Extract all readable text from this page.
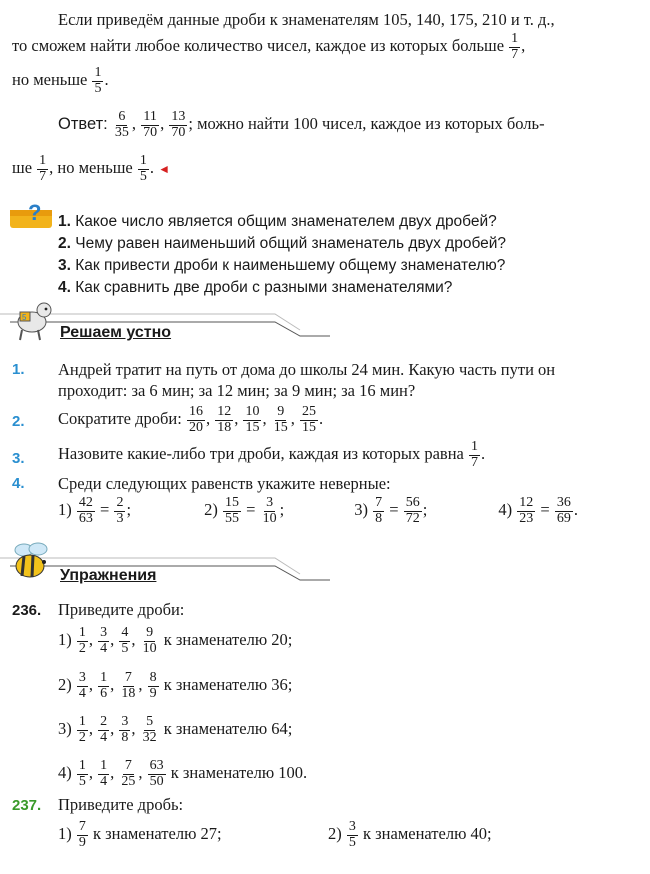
Если приведём данные дроби к знаменателям 105, 140, 175, 210 и т. д.,
то сможем найти любое количество чисел, каждое из которых больше $\frac{1}{7}$ ,
но меньше $\frac{1}{5}$ .
Ответ: $\frac{6}{35}$ , $\frac{11}{70}$ , $\frac{13}{70}$ ; можно найти 100 чисел, каждое из которых боль-
ше $\frac{1}{7}$ , но меньше $\frac{1}{5}$ . ◄
? 1. Какое число является общим знаменателем двух дробей?
2. Чему равен наименьший общий знаменатель двух дробей?
3. Как привести дроби к наименьшему общему знаменателю?
4. Как сравнить две дроби с разными знаменателями?
5
Решаем устно
1. Андрей тратит на путь от дома до школы 24 мин. Какую часть пути он
проходит: за 6 мин; за 12 мин; за 9 мин; за 16 мин?
2. Сократите дроби: $\frac{16}{20}$ , $\frac{12}{18}$ , $\frac{10}{15}$ , $\frac{9}{15}$ , $\frac{25}{15}$ .
3. Назовите какие-либо три дроби, каждая из которых равна $\frac{1}{7}$ .
4. Среди следующих равенств укажите неверные:
$1) \frac{42}{63} = \frac{2}{3}$ ;	$2) \frac{15}{55} = \frac{3}{10}$ ;	$3) \frac{7}{8} = \frac{56}{72}$ ;	$4) \frac{12}{23} = \frac{36}{69}$ .
Упражнения
236. Приведите дроби:
$1) \frac{1}{2}$ , $\frac{3}{4}$ , $\frac{4}{5}$ , $\frac{9}{10}$ к знаменателю 20;
$2) \frac{3}{4}$ , $\frac{1}{6}$ , $\frac{7}{18}$ , $\frac{8}{9}$ к знаменателю 36;
$3) \frac{1}{2}$ , $\frac{2}{4}$ , $\frac{3}{8}$ , $\frac{5}{32}$ к знаменателю 64;
$4) \frac{1}{5}$ , $\frac{1}{4}$ , $\frac{7}{25}$ , $\frac{63}{50}$ к знаменателю 100.
237. Приведите дробь:
$1) \frac{7}{9}$ к знаменателю 27;	$2) \frac{3}{5}$ к знаменателю 40;
